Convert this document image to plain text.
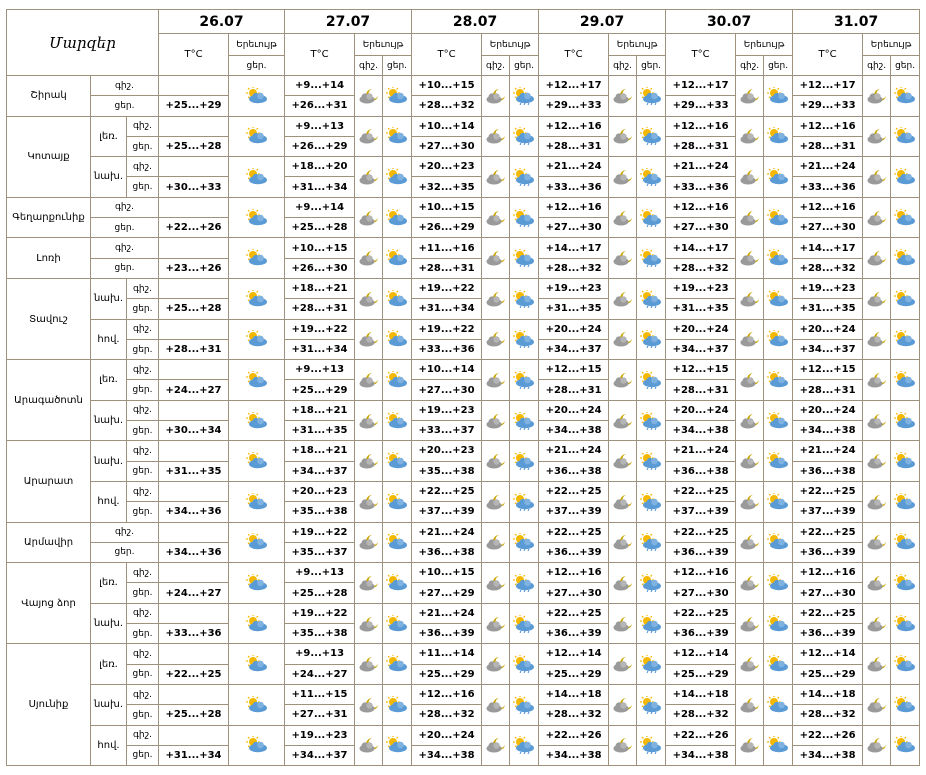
Մարզեր			26.07		27.07			28.07			29.07			30.07			31.07		
			T°C	Երեւույթ	T°C	Երեւույթ		T°C	Երեւույթ		T°C	Երեւույթ		T°C	Երեւույթ		T°C	Երեւույթ	
				ցեր.		գիշ.	ցեր.		գիշ.	ցեր.		գիշ.	ցեր.		գիշ.	ցեր.		գիշ.	ցեր.
Շիրակ	գիշ.				+9...+14			+10...+15			+12...+17			+12...+17			+12...+17	

	ցեր.		+25...+29		+26...+31			+28...+32			+29...+33			+29...+33			+29...+33		
Կոտայք	լեռ.	գիշ.			+9...+13			+10...+14			+12...+16			+12...+16			+12...+16	

		ցեր.	+25...+28		+26...+29			+27...+30			+28...+31			+28...+31			+28...+31		
	նախ.	գիշ.			+18...+20			+20...+23			+21...+24			+21...+24			+21...+24	

		ցեր.	+30...+33		+31...+34			+32...+35			+33...+36			+33...+36			+33...+36		
Գեղարքունիք	գիշ.				+9...+14			+10...+15			+12...+16			+12...+16			+12...+16	

	ցեր.		+22...+26		+25...+28			+26...+29			+27...+30			+27...+30			+27...+30		
Լոռի	գիշ.				+10...+15			+11...+16			+14...+17			+14...+17			+14...+17	

	ցեր.		+23...+26		+26...+30			+28...+31			+28...+32			+28...+32			+28...+32		
Տավուշ	նախ.	գիշ.			+18...+21			+19...+22			+19...+23			+19...+23			+19...+23	

		ցեր.	+25...+28		+28...+31			+31...+34			+31...+35			+31...+35			+31...+35		
	հով.	գիշ.			+19...+22			+19...+22			+20...+24			+20...+24			+20...+24	

		ցեր.	+28...+31		+31...+34			+33...+36			+34...+37			+34...+37			+34...+37		
Արագածոտն	լեռ.	գիշ.			+9...+13			+10...+14			+12...+15			+12...+15			+12...+15	

		ցեր.	+24...+27		+25...+29			+27...+30			+28...+31			+28...+31			+28...+31		
	նախ.	գիշ.			+18...+21			+19...+23			+20...+24			+20...+24			+20...+24	

		ցեր.	+30...+34		+31...+35			+33...+37			+34...+38			+34...+38			+34...+38		
Արարատ	նախ.	գիշ.			+18...+21			+20...+23			+21...+24			+21...+24			+21...+24	

		ցեր.	+31...+35		+34...+37			+35...+38			+36...+38			+36...+38			+36...+38		
	հով.	գիշ.			+20...+23			+22...+25			+22...+25			+22...+25			+22...+25	

		ցեր.	+34...+36		+35...+38			+37...+39			+37...+39			+37...+39			+37...+39		
Արմավիր	գիշ.				+19...+22			+21...+24			+22...+25			+22...+25			+22...+25	

	ցեր.		+34...+36		+35...+37			+36...+38			+36...+39			+36...+39			+36...+39		
Վայոց ձոր	լեռ.	գիշ.			+9...+13			+10...+15			+12...+16			+12...+16			+12...+16	

		ցեր.	+24...+27		+25...+28			+27...+29			+27...+30			+27...+30			+27...+30		
	նախ.	գիշ.			+19...+22			+21...+24			+22...+25			+22...+25			+22...+25	

		ցեր.	+33...+36		+35...+38			+36...+39			+36...+39			+36...+39			+36...+39		
Սյունիք	լեռ.	գիշ.			+9...+13			+11...+14			+12...+14			+12...+14			+12...+14	

		ցեր.	+22...+25		+24...+27			+25...+29			+25...+29			+25...+29			+25...+29		
	նախ.	գիշ.			+11...+15			+12...+16			+14...+18			+14...+18			+14...+18	

		ցեր.	+25...+28		+27...+31			+28...+32			+28...+32			+28...+32			+28...+32		
	հով.	գիշ.			+19...+23			+20...+24			+22...+26			+22...+26			+22...+26	

		ցեր.	+31...+34		+34...+37			+34...+38			+34...+38			+34...+38			+34...+38		
